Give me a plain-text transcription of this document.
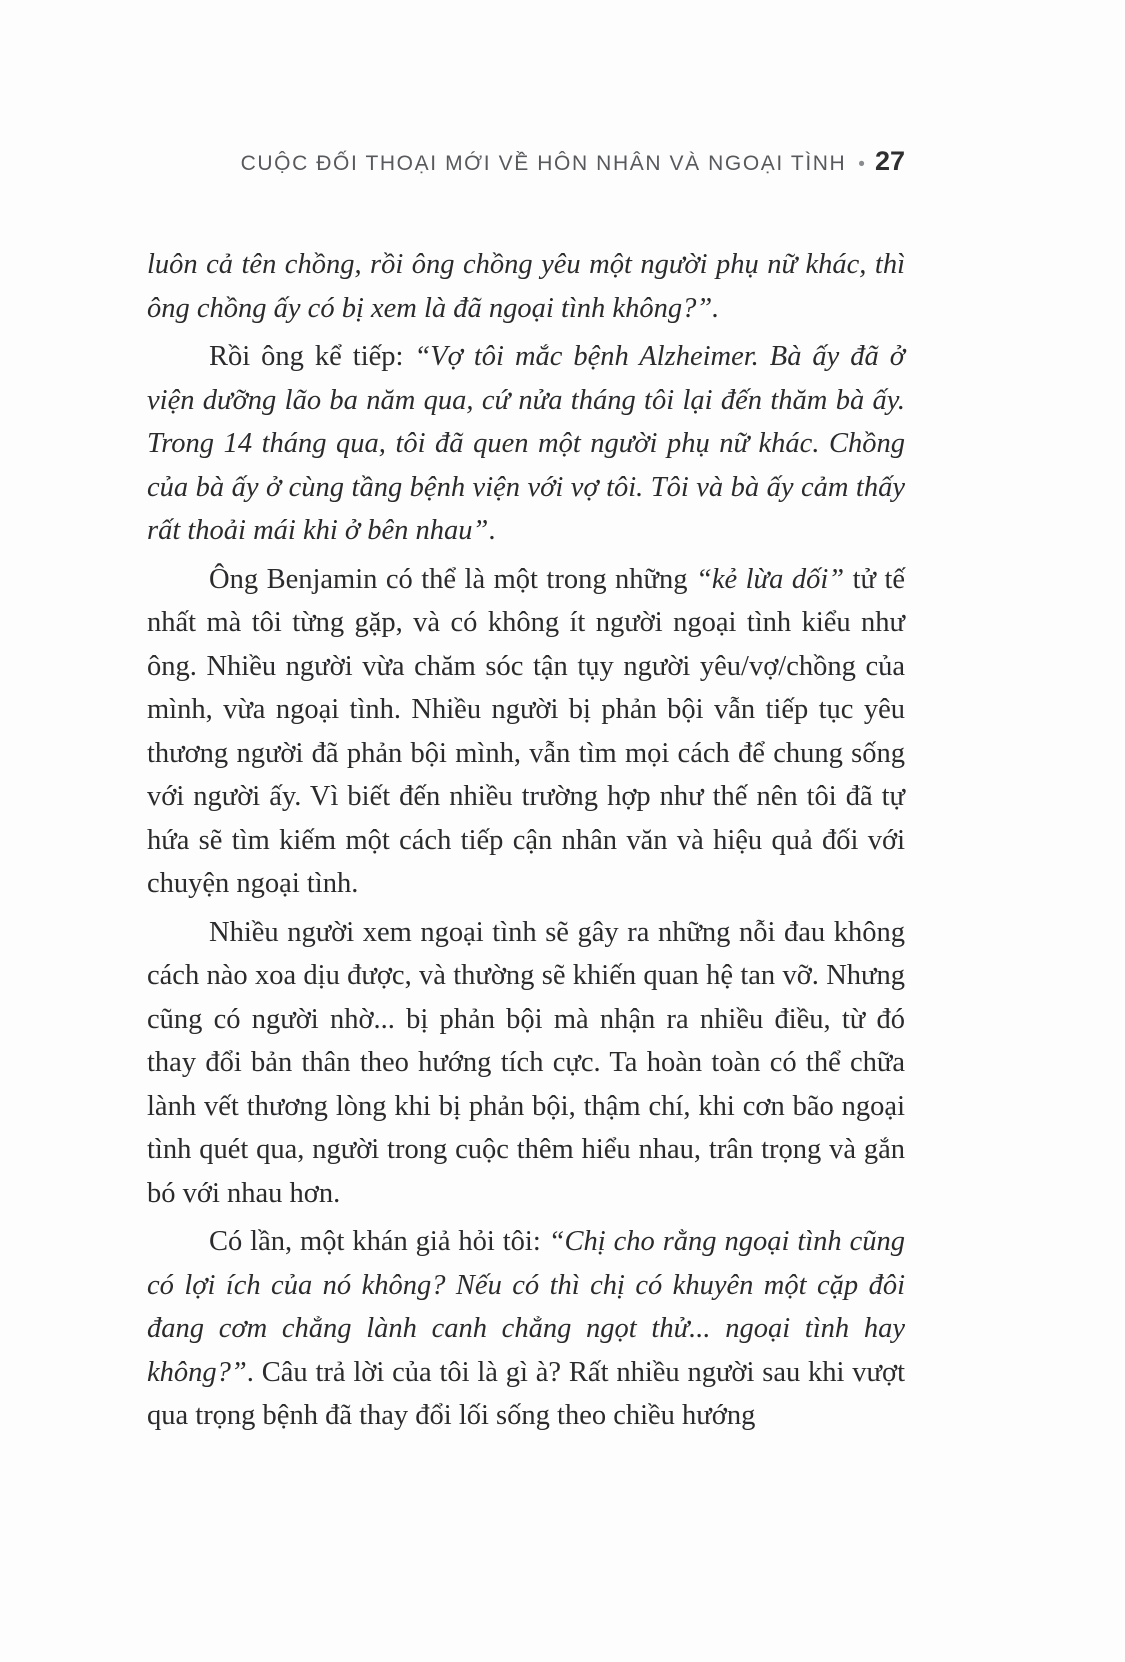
CUỘC ĐỐI THOẠI MỚI VỀ HÔN NHÂN VÀ NGOẠI TÌNH • 27

luôn cả tên chồng, rồi ông chồng yêu một người phụ nữ khác, thì ông chồng ấy có bị xem là đã ngoại tình không?”.

Rồi ông kể tiếp: “Vợ tôi mắc bệnh Alzheimer. Bà ấy đã ở viện dưỡng lão ba năm qua, cứ nửa tháng tôi lại đến thăm bà ấy. Trong 14 tháng qua, tôi đã quen một người phụ nữ khác. Chồng của bà ấy ở cùng tầng bệnh viện với vợ tôi. Tôi và bà ấy cảm thấy rất thoải mái khi ở bên nhau”.

Ông Benjamin có thể là một trong những “kẻ lừa dối” tử tế nhất mà tôi từng gặp, và có không ít người ngoại tình kiểu như ông. Nhiều người vừa chăm sóc tận tụy người yêu/vợ/chồng của mình, vừa ngoại tình. Nhiều người bị phản bội vẫn tiếp tục yêu thương người đã phản bội mình, vẫn tìm mọi cách để chung sống với người ấy. Vì biết đến nhiều trường hợp như thế nên tôi đã tự hứa sẽ tìm kiếm một cách tiếp cận nhân văn và hiệu quả đối với chuyện ngoại tình.

Nhiều người xem ngoại tình sẽ gây ra những nỗi đau không cách nào xoa dịu được, và thường sẽ khiến quan hệ tan vỡ. Nhưng cũng có người nhờ... bị phản bội mà nhận ra nhiều điều, từ đó thay đổi bản thân theo hướng tích cực. Ta hoàn toàn có thể chữa lành vết thương lòng khi bị phản bội, thậm chí, khi cơn bão ngoại tình quét qua, người trong cuộc thêm hiểu nhau, trân trọng và gắn bó với nhau hơn.

Có lần, một khán giả hỏi tôi: “Chị cho rằng ngoại tình cũng có lợi ích của nó không? Nếu có thì chị có khuyên một cặp đôi đang cơm chẳng lành canh chẳng ngọt thử... ngoại tình hay không?”. Câu trả lời của tôi là gì à? Rất nhiều người sau khi vượt qua trọng bệnh đã thay đổi lối sống theo chiều hướng
